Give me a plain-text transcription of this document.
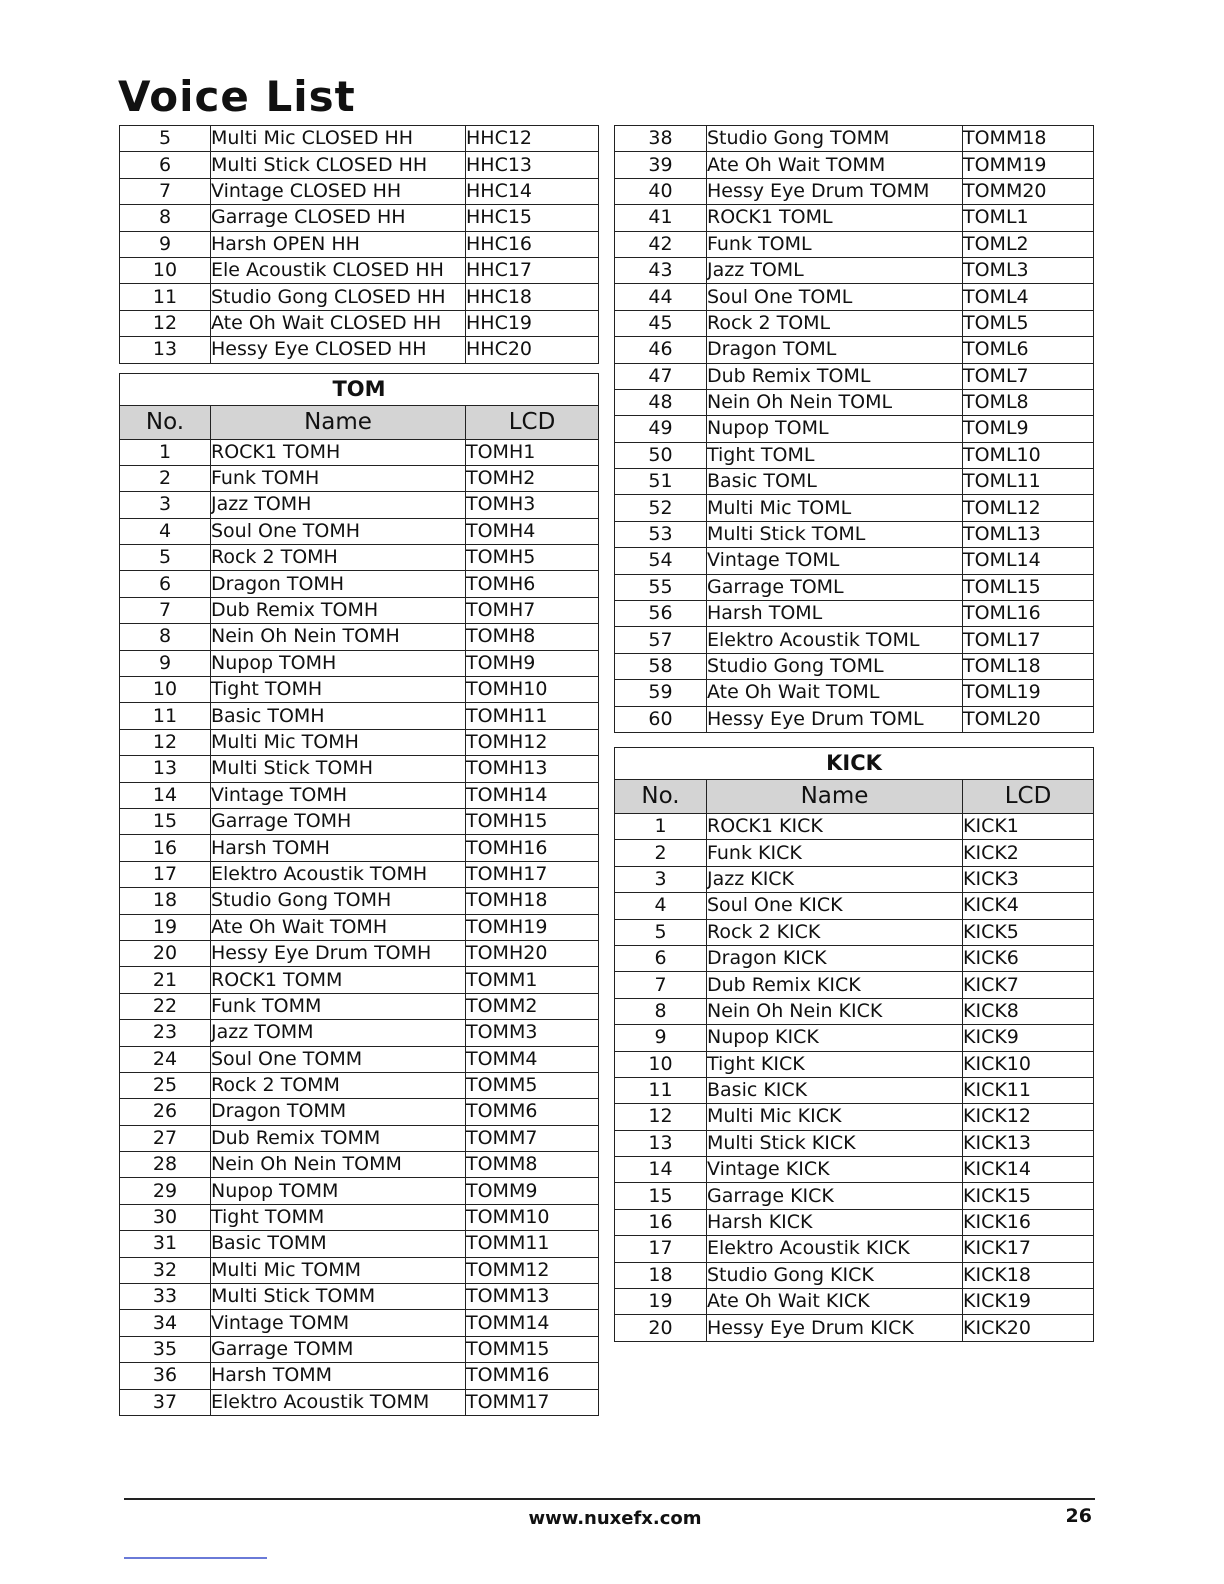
Voice List
5	Multi Mic CLOSED HH	HHC12
6	Multi Stick CLOSED HH	HHC13
7	Vintage CLOSED HH	HHC14
8	Garrage CLOSED HH	HHC15
9	Harsh OPEN HH	HHC16
10	Ele Acoustik CLOSED HH	HHC17
11	Studio Gong CLOSED HH	HHC18
12	Ate Oh Wait CLOSED HH	HHC19
13	Hessy Eye CLOSED HH	HHC20

TOM		
No.	Name	LCD
1	ROCK1 TOMH	TOMH1
2	Funk TOMH	TOMH2
3	Jazz TOMH	TOMH3
4	Soul One TOMH	TOMH4
5	Rock 2 TOMH	TOMH5
6	Dragon TOMH	TOMH6
7	Dub Remix TOMH	TOMH7
8	Nein Oh Nein TOMH	TOMH8
9	Nupop TOMH	TOMH9
10	Tight TOMH	TOMH10
11	Basic TOMH	TOMH11
12	Multi Mic TOMH	TOMH12
13	Multi Stick TOMH	TOMH13
14	Vintage TOMH	TOMH14
15	Garrage TOMH	TOMH15
16	Harsh TOMH	TOMH16
17	Elektro Acoustik TOMH	TOMH17
18	Studio Gong TOMH	TOMH18
19	Ate Oh Wait TOMH	TOMH19
20	Hessy Eye Drum TOMH	TOMH20
21	ROCK1 TOMM	TOMM1
22	Funk TOMM	TOMM2
23	Jazz TOMM	TOMM3
24	Soul One TOMM	TOMM4
25	Rock 2 TOMM	TOMM5
26	Dragon TOMM	TOMM6
27	Dub Remix TOMM	TOMM7
28	Nein Oh Nein TOMM	TOMM8
29	Nupop TOMM	TOMM9
30	Tight TOMM	TOMM10
31	Basic TOMM	TOMM11
32	Multi Mic TOMM	TOMM12
33	Multi Stick TOMM	TOMM13
34	Vintage TOMM	TOMM14
35	Garrage TOMM	TOMM15
36	Harsh TOMM	TOMM16
37	Elektro Acoustik TOMM	TOMM17
38	Studio Gong TOMM	TOMM18
39	Ate Oh Wait TOMM	TOMM19
40	Hessy Eye Drum TOMM	TOMM20
41	ROCK1 TOML	TOML1
42	Funk TOML	TOML2
43	Jazz TOML	TOML3
44	Soul One TOML	TOML4
45	Rock 2 TOML	TOML5
46	Dragon TOML	TOML6
47	Dub Remix TOML	TOML7
48	Nein Oh Nein TOML	TOML8
49	Nupop TOML	TOML9
50	Tight TOML	TOML10
51	Basic TOML	TOML11
52	Multi Mic TOML	TOML12
53	Multi Stick TOML	TOML13
54	Vintage TOML	TOML14
55	Garrage TOML	TOML15
56	Harsh TOML	TOML16
57	Elektro Acoustik TOML	TOML17
58	Studio Gong TOML	TOML18
59	Ate Oh Wait TOML	TOML19
60	Hessy Eye Drum TOML	TOML20

KICK		
No.	Name	LCD
1	ROCK1 KICK	KICK1
2	Funk KICK	KICK2
3	Jazz KICK	KICK3
4	Soul One KICK	KICK4
5	Rock 2 KICK	KICK5
6	Dragon KICK	KICK6
7	Dub Remix KICK	KICK7
8	Nein Oh Nein KICK	KICK8
9	Nupop KICK	KICK9
10	Tight KICK	KICK10
11	Basic KICK	KICK11
12	Multi Mic KICK	KICK12
13	Multi Stick KICK	KICK13
14	Vintage KICK	KICK14
15	Garrage KICK	KICK15
16	Harsh KICK	KICK16
17	Elektro Acoustik KICK	KICK17
18	Studio Gong KICK	KICK18
19	Ate Oh Wait KICK	KICK19
20	Hessy Eye Drum KICK	KICK20
www.nuxefx.com	26
